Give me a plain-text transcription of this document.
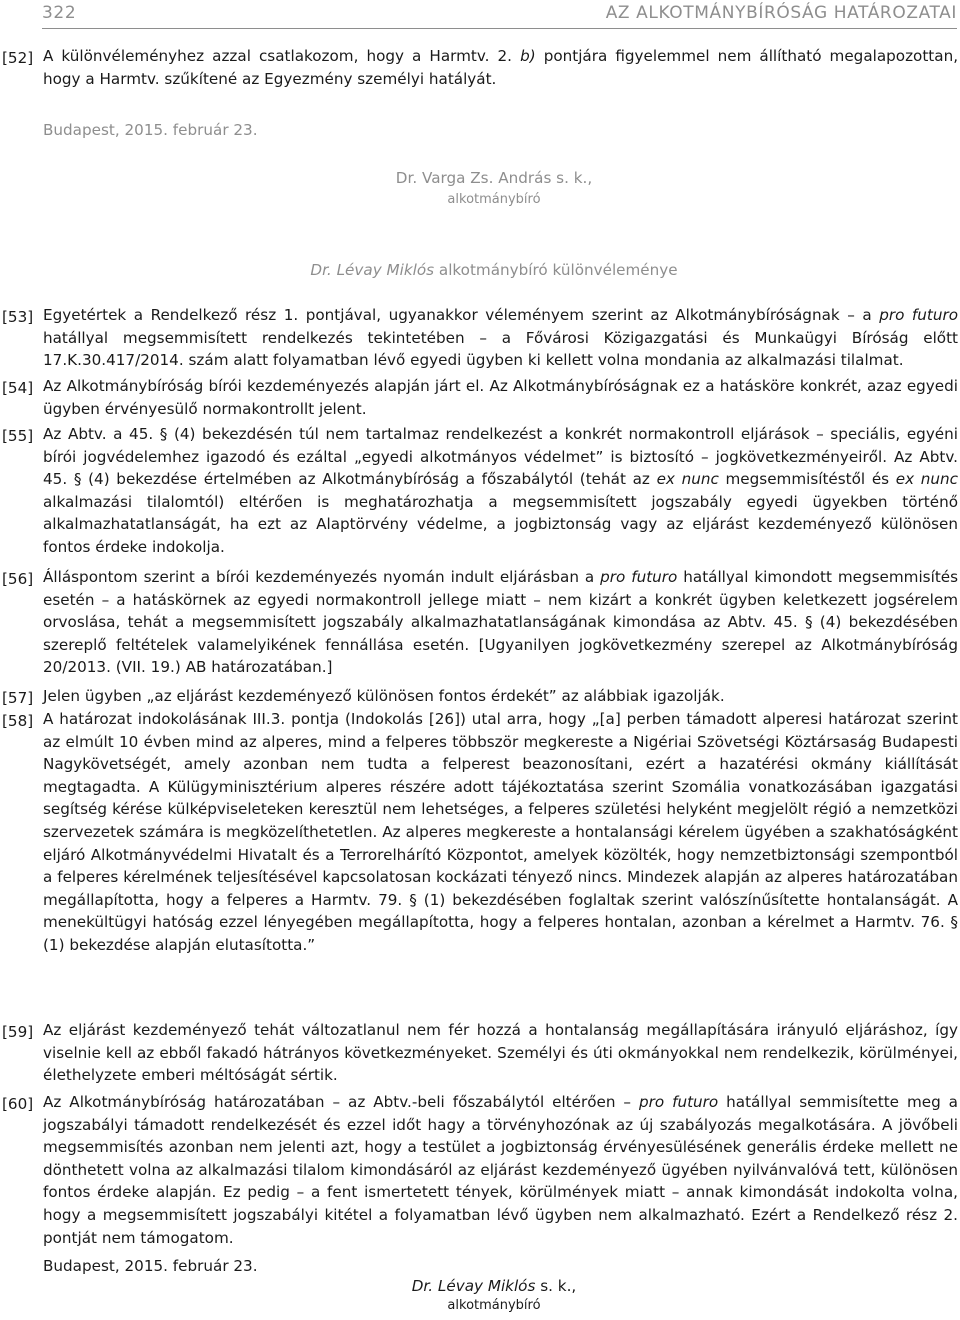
322	AZ ALKOTMÁNYBÍRÓSÁG HATÁROZATAI
[52] A különvéleményhez azzal csatlakozom, hogy a Harmtv. 2. b) pontjára figyelemmel nem állítható megalapozottan, hogy a Harmtv. szűkítené az Egyezmény személyi hatályát.
Budapest, 2015. február 23.
Dr. Varga Zs. András s. k.,
alkotmánybíró
Dr. Lévay Miklós alkotmánybíró különvéleménye
[53] Egyetértek a Rendelkező rész 1. pontjával, ugyanakkor véleményem szerint az Alkotmánybíróságnak – a pro futuro hatállyal megsemmisített rendelkezés tekintetében – a Fővárosi Közigazgatási és Munkaügyi Bíróság előtt 17.K.30.417/2014. szám alatt folyamatban lévő egyedi ügyben ki kellett volna mondania az alkalmazási tilalmat.
[54] Az Alkotmánybíróság bírói kezdeményezés alapján járt el. Az Alkotmánybíróságnak ez a hatásköre konkrét, azaz egyedi ügyben érvényesülő normakontrollt jelent.
[55] Az Abtv. a 45. § (4) bekezdésén túl nem tartalmaz rendelkezést a konkrét normakontroll eljárások – speciális, egyéni bírói jogvédelemhez igazodó és ezáltal „egyedi alkotmányos védelmet” is biztosító – jogkövetkezményeiről. Az Abtv. 45. § (4) bekezdése értelmében az Alkotmánybíróság a főszabálytól (tehát az ex nunc megsemmisítéstől és ex nunc alkalmazási tilalomtól) eltérően is meghatározhatja a megsemmisített jogszabály egyedi ügyekben történő alkalmazhatatlanságát, ha ezt az Alaptörvény védelme, a jogbiztonság vagy az eljárást kezdeményező különösen fontos érdeke indokolja.
[56] Álláspontom szerint a bírói kezdeményezés nyomán indult eljárásban a pro futuro hatállyal kimondott megsemmisítés esetén – a hatáskörnek az egyedi normakontroll jellege miatt – nem kizárt a konkrét ügyben keletkezett jogsérelem orvoslása, tehát a megsemmisített jogszabály alkalmazhatatlanságának kimondása az Abtv. 45. § (4) bekezdésében szereplő feltételek valamelyikének fennállása esetén. [Ugyanilyen jogkövetkezmény szerepel az Alkotmánybíróság 20/2013. (VII. 19.) AB határozatában.]
[57] Jelen ügyben „az eljárást kezdeményező különösen fontos érdekét” az alábbiak igazolják.
[58] A határozat indokolásának III.3. pontja (Indokolás [26]) utal arra, hogy „[a] perben támadott alperesi határozat szerint az elmúlt 10 évben mind az alperes, mind a felperes többször megkereste a Nigériai Szövetségi Köztársaság Budapesti Nagykövetségét, amely azonban nem tudta a felperest beazonosítani, ezért a hazatérési okmány kiállítását megtagadta. A Külügyminisztérium alperes részére adott tájékoztatása szerint Szomália vonatkozásában igazgatási segítség kérése külképviseleteken keresztül nem lehetséges, a felperes születési helyként megjelölt régió a nemzetközi szervezetek számára is megközelíthetetlen. Az alperes megkereste a hontalansági kérelem ügyében a szakhatóságként eljáró Alkotmányvédelmi Hivatalt és a Terrorelhárító Központot, amelyek közölték, hogy nemzetbiztonsági szempontból a felperes kérelmének teljesítésével kapcsolatosan kockázati tényező nincs. Mindezek alapján az alperes határozatában megállapította, hogy a felperes a Harmtv. 79. § (1) bekezdésében foglaltak szerint valószínűsítette hontalanságát. A menekültügyi hatóság ezzel lényegében megállapította, hogy a felperes hontalan, azonban a kérelmet a Harmtv. 76. § (1) bekezdése alapján elutasította.”
[59] Az eljárást kezdeményező tehát változatlanul nem fér hozzá a hontalanság megállapítására irányuló eljáráshoz, így viselnie kell az ebből fakadó hátrányos következményeket. Személyi és úti okmányokkal nem rendelkezik, körülményei, élethelyzete emberi méltóságát sértik.
[60] Az Alkotmánybíróság határozatában – az Abtv.-beli főszabálytól eltérően – pro futuro hatállyal semmisítette meg a jogszabályi támadott rendelkezését és ezzel időt hagy a törvényhozónak az új szabályozás megalkotására. A jövőbeli megsemmisítés azonban nem jelenti azt, hogy a testület a jogbiztonság érvényesülésének generális érdeke mellett ne dönthetett volna az alkalmazási tilalom kimondásáról az eljárást kezdeményező ügyében nyilvánvalóvá tett, különösen fontos érdeke alapján. Ez pedig – a fent ismertetett tények, körülmények miatt – annak kimondását indokolta volna, hogy a megsemmisített jogszabályi kitétel a folyamatban lévő ügyben nem alkalmazható. Ezért a Rendelkező rész 2. pontját nem támogatom.
Budapest, 2015. február 23.
Dr. Lévay Miklós s. k.,
alkotmánybíró
